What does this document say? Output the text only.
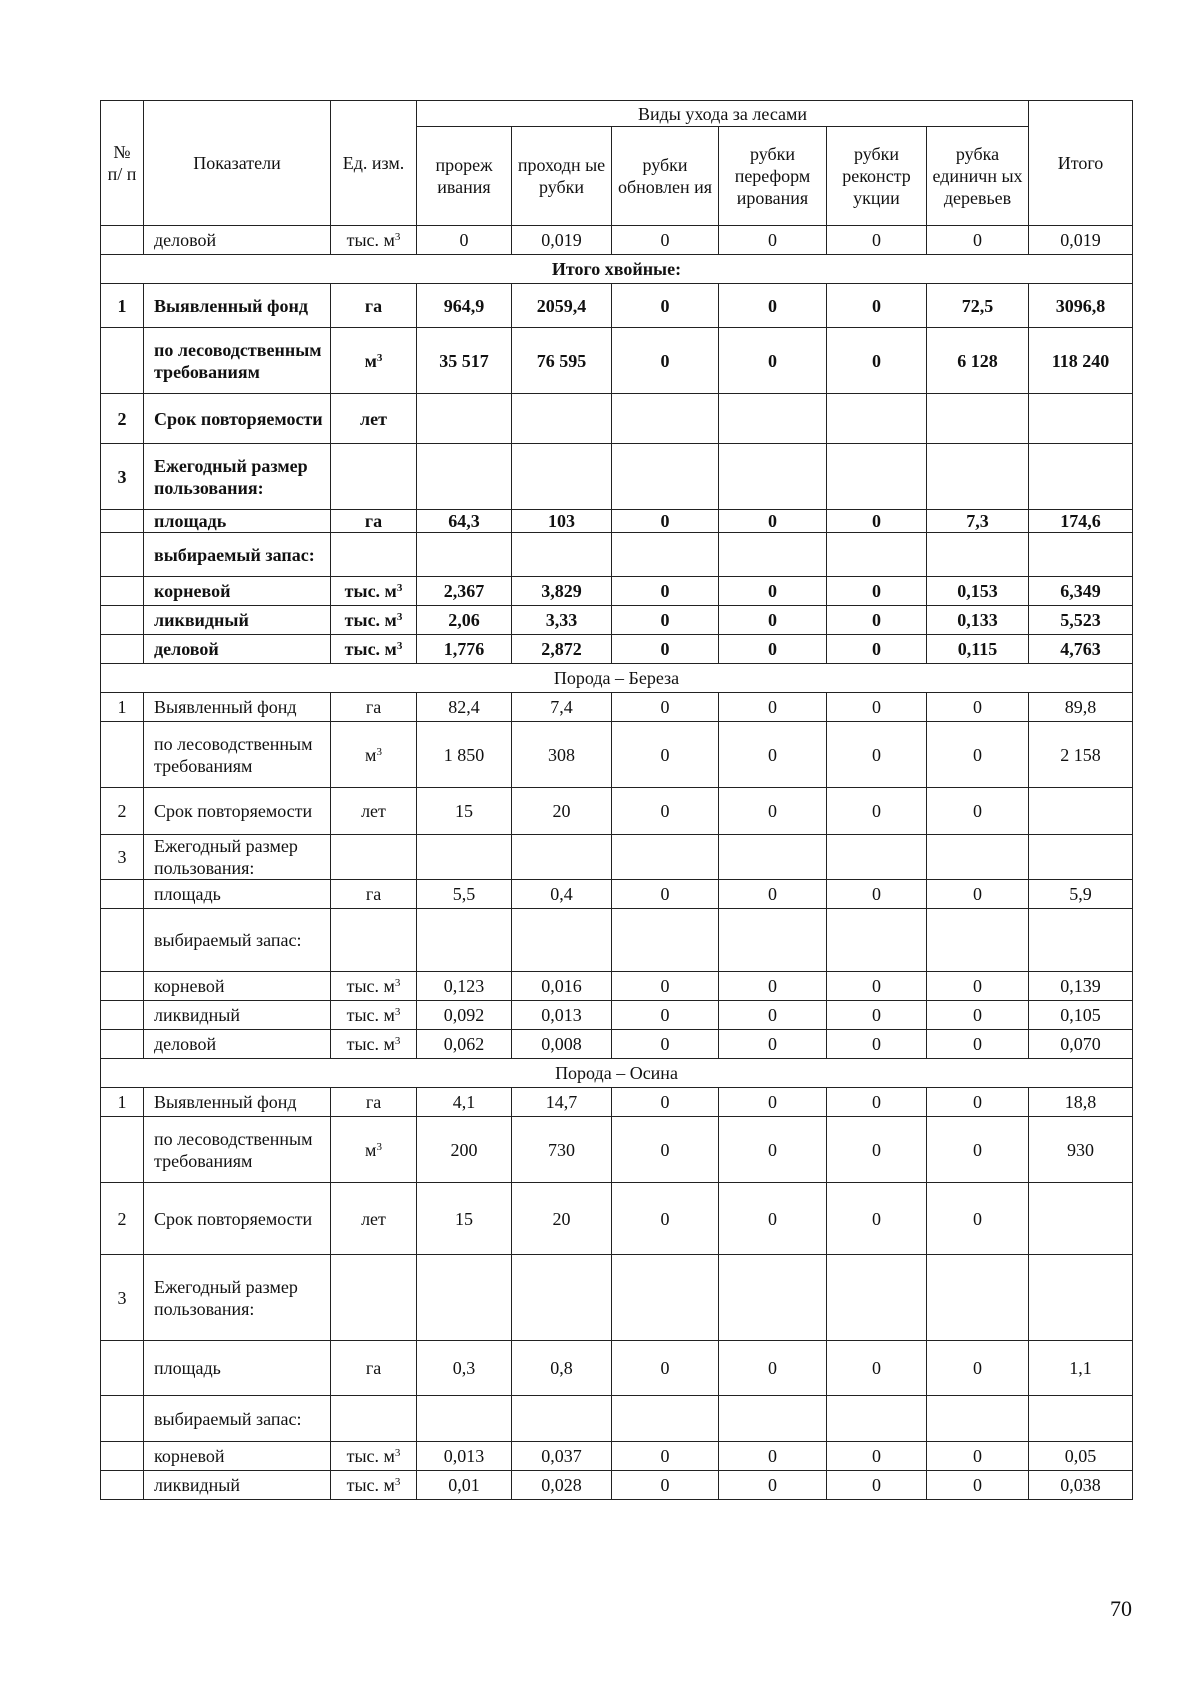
№ п/ п	Показатели	Ед. изм.	Виды ухода за лесами						Итого
			прореж ивания	проходн ые рубки	рубки обновлен ия	рубки переформ ирования	рубки реконстр укции	рубка единичн ых деревьев	
	деловой	тыс. $м^3$	0	0,019	0	0	0	0	0,019
Итого хвойные:									
1	Выявленный фонд	га	964,9	2059,4	0	0	0	72,5	3096,8
	по лесоводственным требованиям	$м^3$	35 517	76 595	0	0	0	6 128	118 240
2	Срок повторяемости	лет							
3	Ежегодный размер пользования:								
	площадь	га	64,3	103	0	0	0	7,3	174,6
	выбираемый запас:								
	корневой	тыс. $м^3$	2,367	3,829	0	0	0	0,153	6,349
	ликвидный	тыс. $м^3$	2,06	3,33	0	0	0	0,133	5,523
	деловой	тыс. $м^3$	1,776	2,872	0	0	0	0,115	4,763
Порода – Береза									
1	Выявленный фонд	га	82,4	7,4	0	0	0	0	89,8
	по лесоводственным требованиям	$м^3$	1 850	308	0	0	0	0	2 158
2	Срок повторяемости	лет	15	20	0	0	0	0	
3	Ежегодный размер пользования:								
	площадь	га	5,5	0,4	0	0	0	0	5,9
	выбираемый запас:								
	корневой	тыс. $м^3$	0,123	0,016	0	0	0	0	0,139
	ликвидный	тыс. $м^3$	0,092	0,013	0	0	0	0	0,105
	деловой	тыс. $м^3$	0,062	0,008	0	0	0	0	0,070
Порода – Осина									
1	Выявленный фонд	га	4,1	14,7	0	0	0	0	18,8
	по лесоводственным требованиям	$м^3$	200	730	0	0	0	0	930
2	Срок повторяемости	лет	15	20	0	0	0	0	
3	Ежегодный размер пользования:								
	площадь	га	0,3	0,8	0	0	0	0	1,1
	выбираемый запас:								
	корневой	тыс. $м^3$	0,013	0,037	0	0	0	0	0,05
	ликвидный	тыс. $м^3$	0,01	0,028	0	0	0	0	0,038
70
